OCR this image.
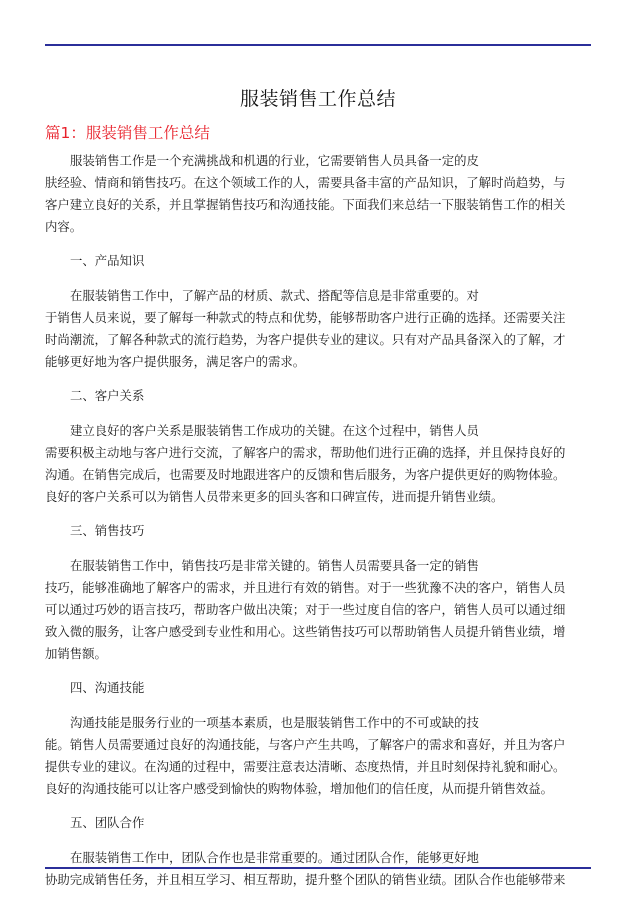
服装销售工作总结
篇1：服装销售工作总结
服装销售工作是一个充满挑战和机遇的行业，它需要销售人员具备一定的皮
肤经验、情商和销售技巧。在这个领域工作的人，需要具备丰富的产品知识，了解时尚趋势，与
客户建立良好的关系，并且掌握销售技巧和沟通技能。下面我们来总结一下服装销售工作的相关
内容。
一、产品知识
在服装销售工作中，了解产品的材质、款式、搭配等信息是非常重要的。对
于销售人员来说，要了解每一种款式的特点和优势，能够帮助客户进行正确的选择。还需要关注
时尚潮流，了解各种款式的流行趋势，为客户提供专业的建议。只有对产品具备深入的了解，才
能够更好地为客户提供服务，满足客户的需求。
二、客户关系
建立良好的客户关系是服装销售工作成功的关键。在这个过程中，销售人员
需要积极主动地与客户进行交流，了解客户的需求，帮助他们进行正确的选择，并且保持良好的
沟通。在销售完成后，也需要及时地跟进客户的反馈和售后服务，为客户提供更好的购物体验。
良好的客户关系可以为销售人员带来更多的回头客和口碑宣传，进而提升销售业绩。
三、销售技巧
在服装销售工作中，销售技巧是非常关键的。销售人员需要具备一定的销售
技巧，能够准确地了解客户的需求，并且进行有效的销售。对于一些犹豫不决的客户，销售人员
可以通过巧妙的语言技巧，帮助客户做出决策；对于一些过度自信的客户，销售人员可以通过细
致入微的服务，让客户感受到专业性和用心。这些销售技巧可以帮助销售人员提升销售业绩，增
加销售额。
四、沟通技能
沟通技能是服务行业的一项基本素质，也是服装销售工作中的不可或缺的技
能。销售人员需要通过良好的沟通技能，与客户产生共鸣，了解客户的需求和喜好，并且为客户
提供专业的建议。在沟通的过程中，需要注意表达清晰、态度热情，并且时刻保持礼貌和耐心。
良好的沟通技能可以让客户感受到愉快的购物体验，增加他们的信任度，从而提升销售效益。
五、团队合作
在服装销售工作中，团队合作也是非常重要的。通过团队合作，能够更好地
协助完成销售任务，并且相互学习、相互帮助，提升整个团队的销售业绩。团队合作也能够带来
